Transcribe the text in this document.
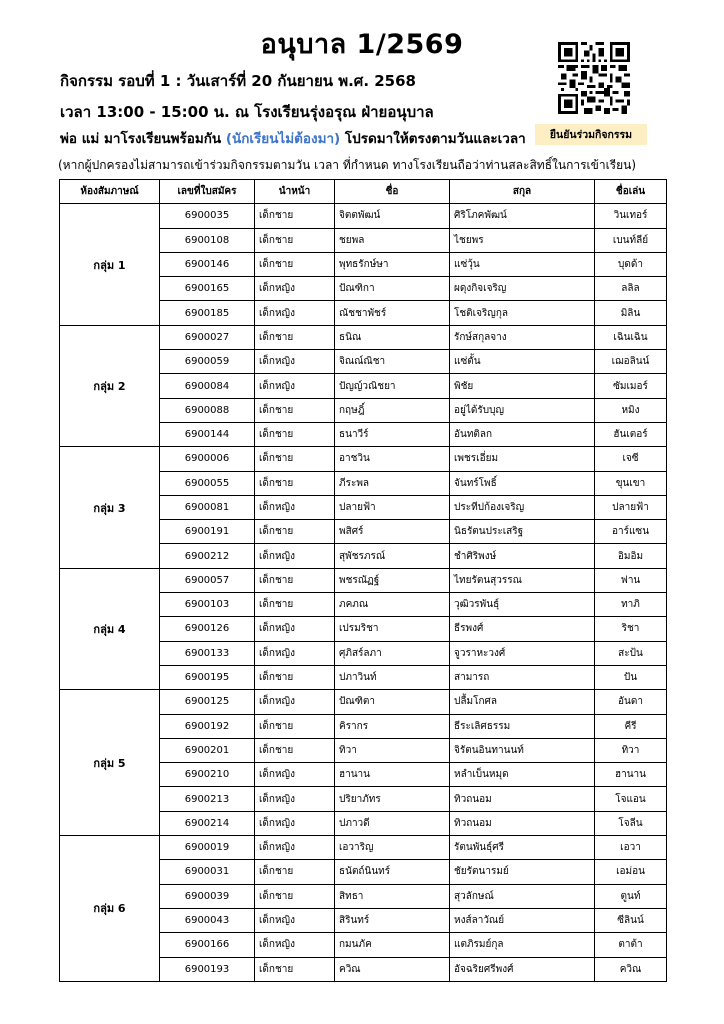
อนุบาล 1/2569
กิจกรรม รอบที่ 1 : วันเสาร์ที่ 20 กันยายน พ.ศ. 2568
เวลา 13:00 - 15:00 น. ณ โรงเรียนรุ่งอรุณ ฝ่ายอนุบาล
พ่อ แม่ มาโรงเรียนพร้อมกัน (นักเรียนไม่ต้องมา) โปรดมาให้ตรงตามวันและเวลา	ยืนยันร่วมกิจกรรม
(หากผู้ปกครองไม่สามารถเข้าร่วมกิจกรรมตามวัน เวลา ที่กำหนด ทางโรงเรียนถือว่าท่านสละสิทธิ์ในการเข้าเรียน)
ห้องสัมภาษณ์	เลขที่ใบสมัคร	นำหน้า	ชื่อ	สกุล	ชื่อเล่น
กลุ่ม 1	6900035	เด็กชาย	จิตตพัฒน์	ศิริโภคพัฒน์	วินเทอร์
	6900108	เด็กชาย	ชยพล	ไชยพร	เบนท์ลีย์
	6900146	เด็กชาย	พุทธรักษ์ษา	แซ่วุ้น	บุดด้า
	6900165	เด็กหญิง	ปัณฑิกา	ผดุงกิจเจริญ	ลลิล
	6900185	เด็กหญิง	ณัชชาพัชร์	โชติเจริญกุล	มิลิน
กลุ่ม 2	6900027	เด็กชาย	ธนิณ	รักษ์สกุลจาง	เฉินเฉิน
	6900059	เด็กหญิง	จิณณ์ณิชา	แซ่ตั้น	เฌอลินน์
	6900084	เด็กหญิง	ปัญญ์วณิชยา	พิชัย	ซัมเมอร์
	6900088	เด็กชาย	กฤษฎิ์	อยู่ได้รับบุญ	หมิง
	6900144	เด็กชาย	ธนาวีร์	อันทติลก	ฮันเตอร์
กลุ่ม 3	6900006	เด็กชาย	อาชวิน	เพชรเอี่ยม	เจซี
	6900055	เด็กชาย	ภีระพล	จันทร์โพธิ์	ขุนเขา
	6900081	เด็กหญิง	ปลายฟ้า	ประทีปก้องเจริญ	ปลายฟ้า
	6900191	เด็กชาย	พสิศร์	นิธรัตนประเสริฐ	อาร์แซน
	6900212	เด็กหญิง	สุพัชรภรณ์	ชำศิริพงษ์	อิมอิม
กลุ่ม 4	6900057	เด็กชาย	พชรณัฏฐ์	ไทยรัตนสุวรรณ	ฟาน
	6900103	เด็กชาย	ภคภณ	วุฒิวรพันธุ์	ทาภิ
	6900126	เด็กหญิง	เปรมริชา	ธีรพงศ์	ริชา
	6900133	เด็กหญิง	ศุภิสร์ลภา	จูวราหะวงศ์	สะป้น
	6900195	เด็กชาย	ปภาวินท์	สามารถ	ปัน
กลุ่ม 5	6900125	เด็กหญิง	ปัณฑิตา	ปลื้มโกศล	อันดา
	6900192	เด็กชาย	คิรากร	ธีระเลิศธรรม	คีรี
	6900201	เด็กชาย	ทิวา	จิรัตนอินทานนท์	ทิวา
	6900210	เด็กหญิง	ฮานาน	หลำเบ็นหมุด	ฮานาน
	6900213	เด็กหญิง	ปริยาภัทร	ทิวถนอม	โจแอน
	6900214	เด็กหญิง	ปภาวดี	ทิวถนอม	โจลีน
กลุ่ม 6	6900019	เด็กหญิง	เอวาริญ	รัตนพันธุ์ศรี	เอวา
	6900031	เด็กชาย	ธนัตถ์นินทร์	ชัยรัตนารมย์	เอม่อน
	6900039	เด็กชาย	สิทธา	สุวลักษณ์	ตูนท์
	6900043	เด็กหญิง	สิรินทร์	หงส์ลาวัณย์	ซีลินน์
	6900166	เด็กหญิง	กมนภัค	แตภิรมย์กุล	ตาต้า
	6900193	เด็กชาย	ควิณ	อัจฉริยศรีพงศ์	ควิณ
